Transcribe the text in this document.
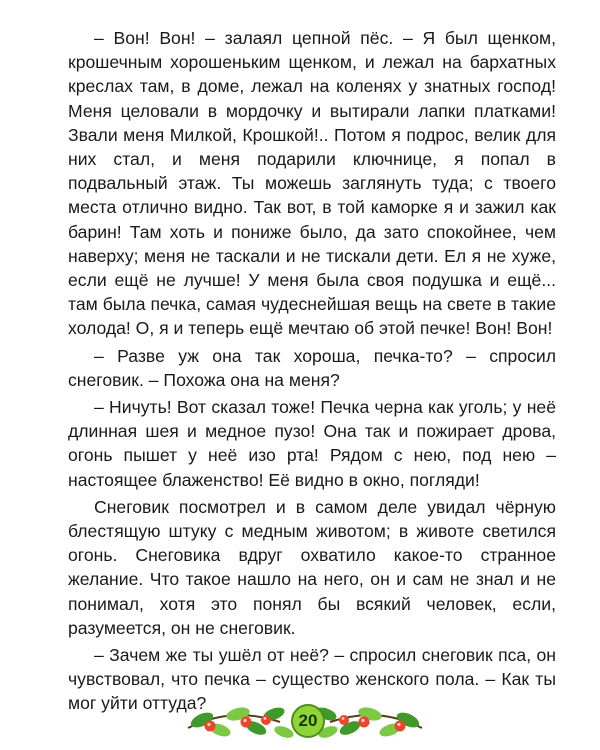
– Вон! Вон! – залаял цепной пёс. – Я был щенком, крошечным хорошеньким щенком, и лежал на бархатных креслах там, в доме, лежал на коленях у знатных господ! Меня целовали в мордочку и вытирали лапки платками! Звали меня Милкой, Крошкой!.. Потом я подрос, велик для них стал, и меня подарили ключнице, я попал в подвальный этаж. Ты можешь заглянуть туда; с твоего места отлично видно. Так вот, в той каморке я и зажил как барин! Там хоть и пониже было, да зато спокойнее, чем наверху; меня не таскали и не тискали дети. Ел я не хуже, если ещё не лучше! У меня была своя подушка и ещё... там была печка, самая чудеснейшая вещь на свете в такие холода! О, я и теперь ещё мечтаю об этой печке! Вон! Вон!

– Разве уж она так хороша, печка-то? – спросил снеговик. – Похожа она на меня?

– Ничуть! Вот сказал тоже! Печка черна как уголь; у неё длинная шея и медное пузо! Она так и пожирает дрова, огонь пышет у неё изо рта! Рядом с нею, под нею – настоящее блаженство! Её видно в окно, погляди!

Снеговик посмотрел и в самом деле увидал чёрную блестящую штуку с медным животом; в животе светился огонь. Снеговика вдруг охватило какое-то странное желание. Что такое нашло на него, он и сам не знал и не понимал, хотя это понял бы всякий человек, если, разумеется, он не снеговик.

– Зачем же ты ушёл от неё? – спросил снеговик пса, он чувствовал, что печка – существо женского пола. – Как ты мог уйти оттуда?

20
